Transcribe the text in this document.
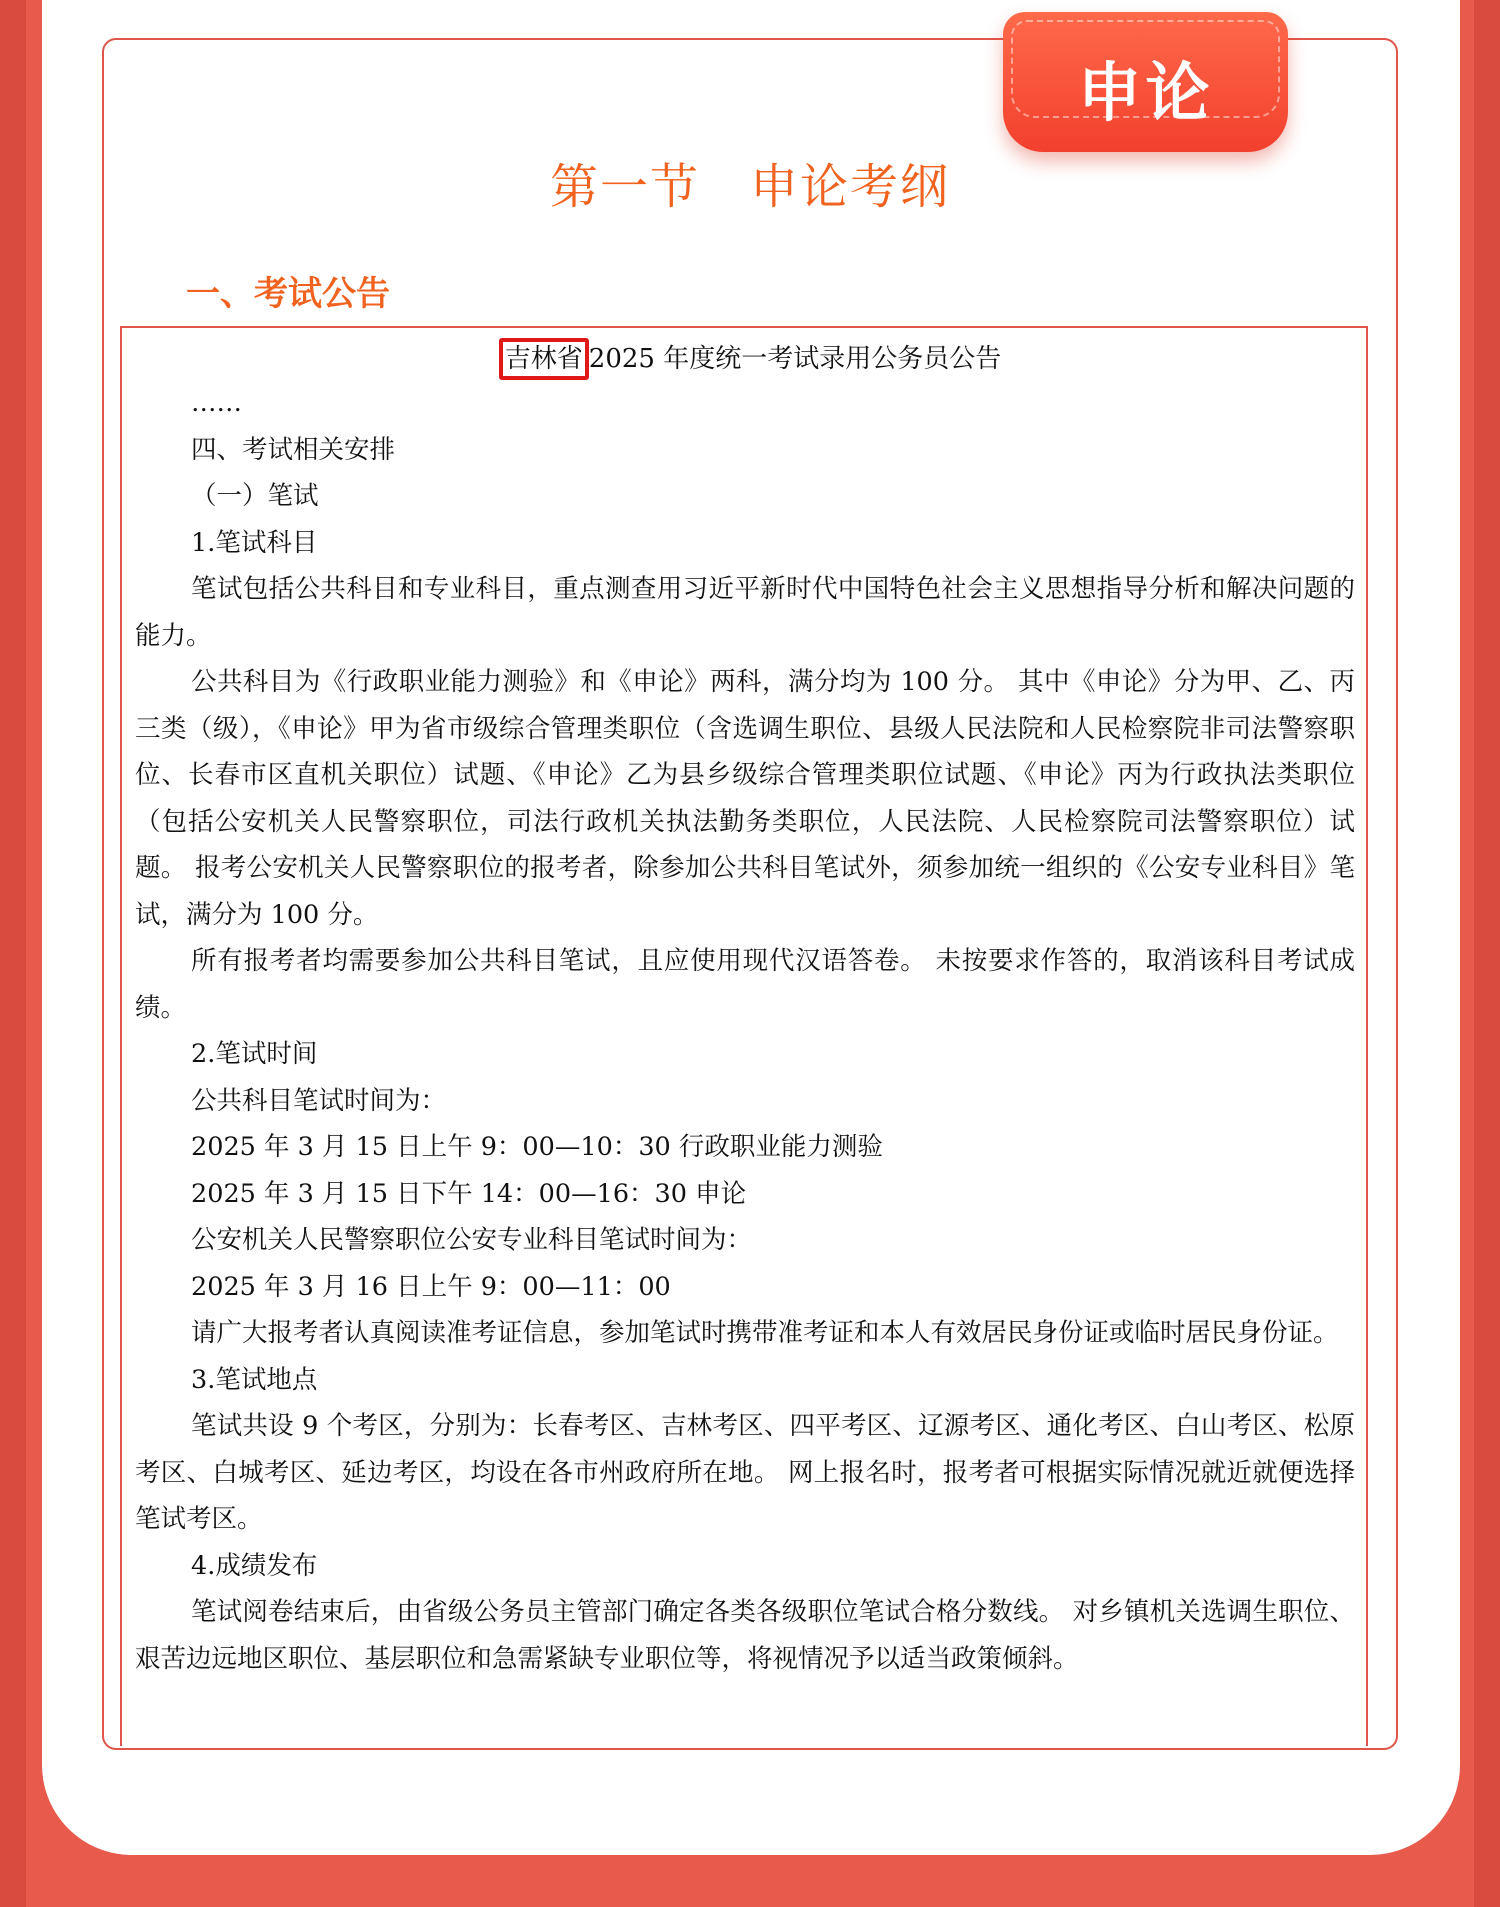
申论
第一节　申论考纲
一、考试公告
吉林省 2025 年度统一考试录用公务员公告

……

四、考试相关安排

（一）笔试

1.笔试科目

笔试包括公共科目和专业科目，重点测查用习近平新时代中国特色社会主义思想指导分析和解决问题的能力。

公共科目为《行政职业能力测验》和《申论》两科，满分均为 100 分。 其中《申论》分为甲、乙、丙三类（级），《申论》甲为省市级综合管理类职位（含选调生职位、县级人民法院和人民检察院非司法警察职位、长春市区直机关职位）试题、《申论》乙为县乡级综合管理类职位试题、《申论》丙为行政执法类职位（包括公安机关人民警察职位，司法行政机关执法勤务类职位，人民法院、人民检察院司法警察职位）试题。 报考公安机关人民警察职位的报考者，除参加公共科目笔试外，须参加统一组织的《公安专业科目》笔试，满分为 100 分。

所有报考者均需要参加公共科目笔试，且应使用现代汉语答卷。 未按要求作答的，取消该科目考试成绩。

2.笔试时间

公共科目笔试时间为：

2025 年 3 月 15 日上午 9：00—10：30 行政职业能力测验

2025 年 3 月 15 日下午 14：00—16：30 申论

公安机关人民警察职位公安专业科目笔试时间为：

2025 年 3 月 16 日上午 9：00—11：00

请广大报考者认真阅读准考证信息，参加笔试时携带准考证和本人有效居民身份证或临时居民身份证。

3.笔试地点

笔试共设 9 个考区，分别为：长春考区、吉林考区、四平考区、辽源考区、通化考区、白山考区、松原考区、白城考区、延边考区，均设在各市州政府所在地。 网上报名时，报考者可根据实际情况就近就便选择笔试考区。

4.成绩发布

笔试阅卷结束后，由省级公务员主管部门确定各类各级职位笔试合格分数线。 对乡镇机关选调生职位、艰苦边远地区职位、基层职位和急需紧缺专业职位等，将视情况予以适当政策倾斜。
